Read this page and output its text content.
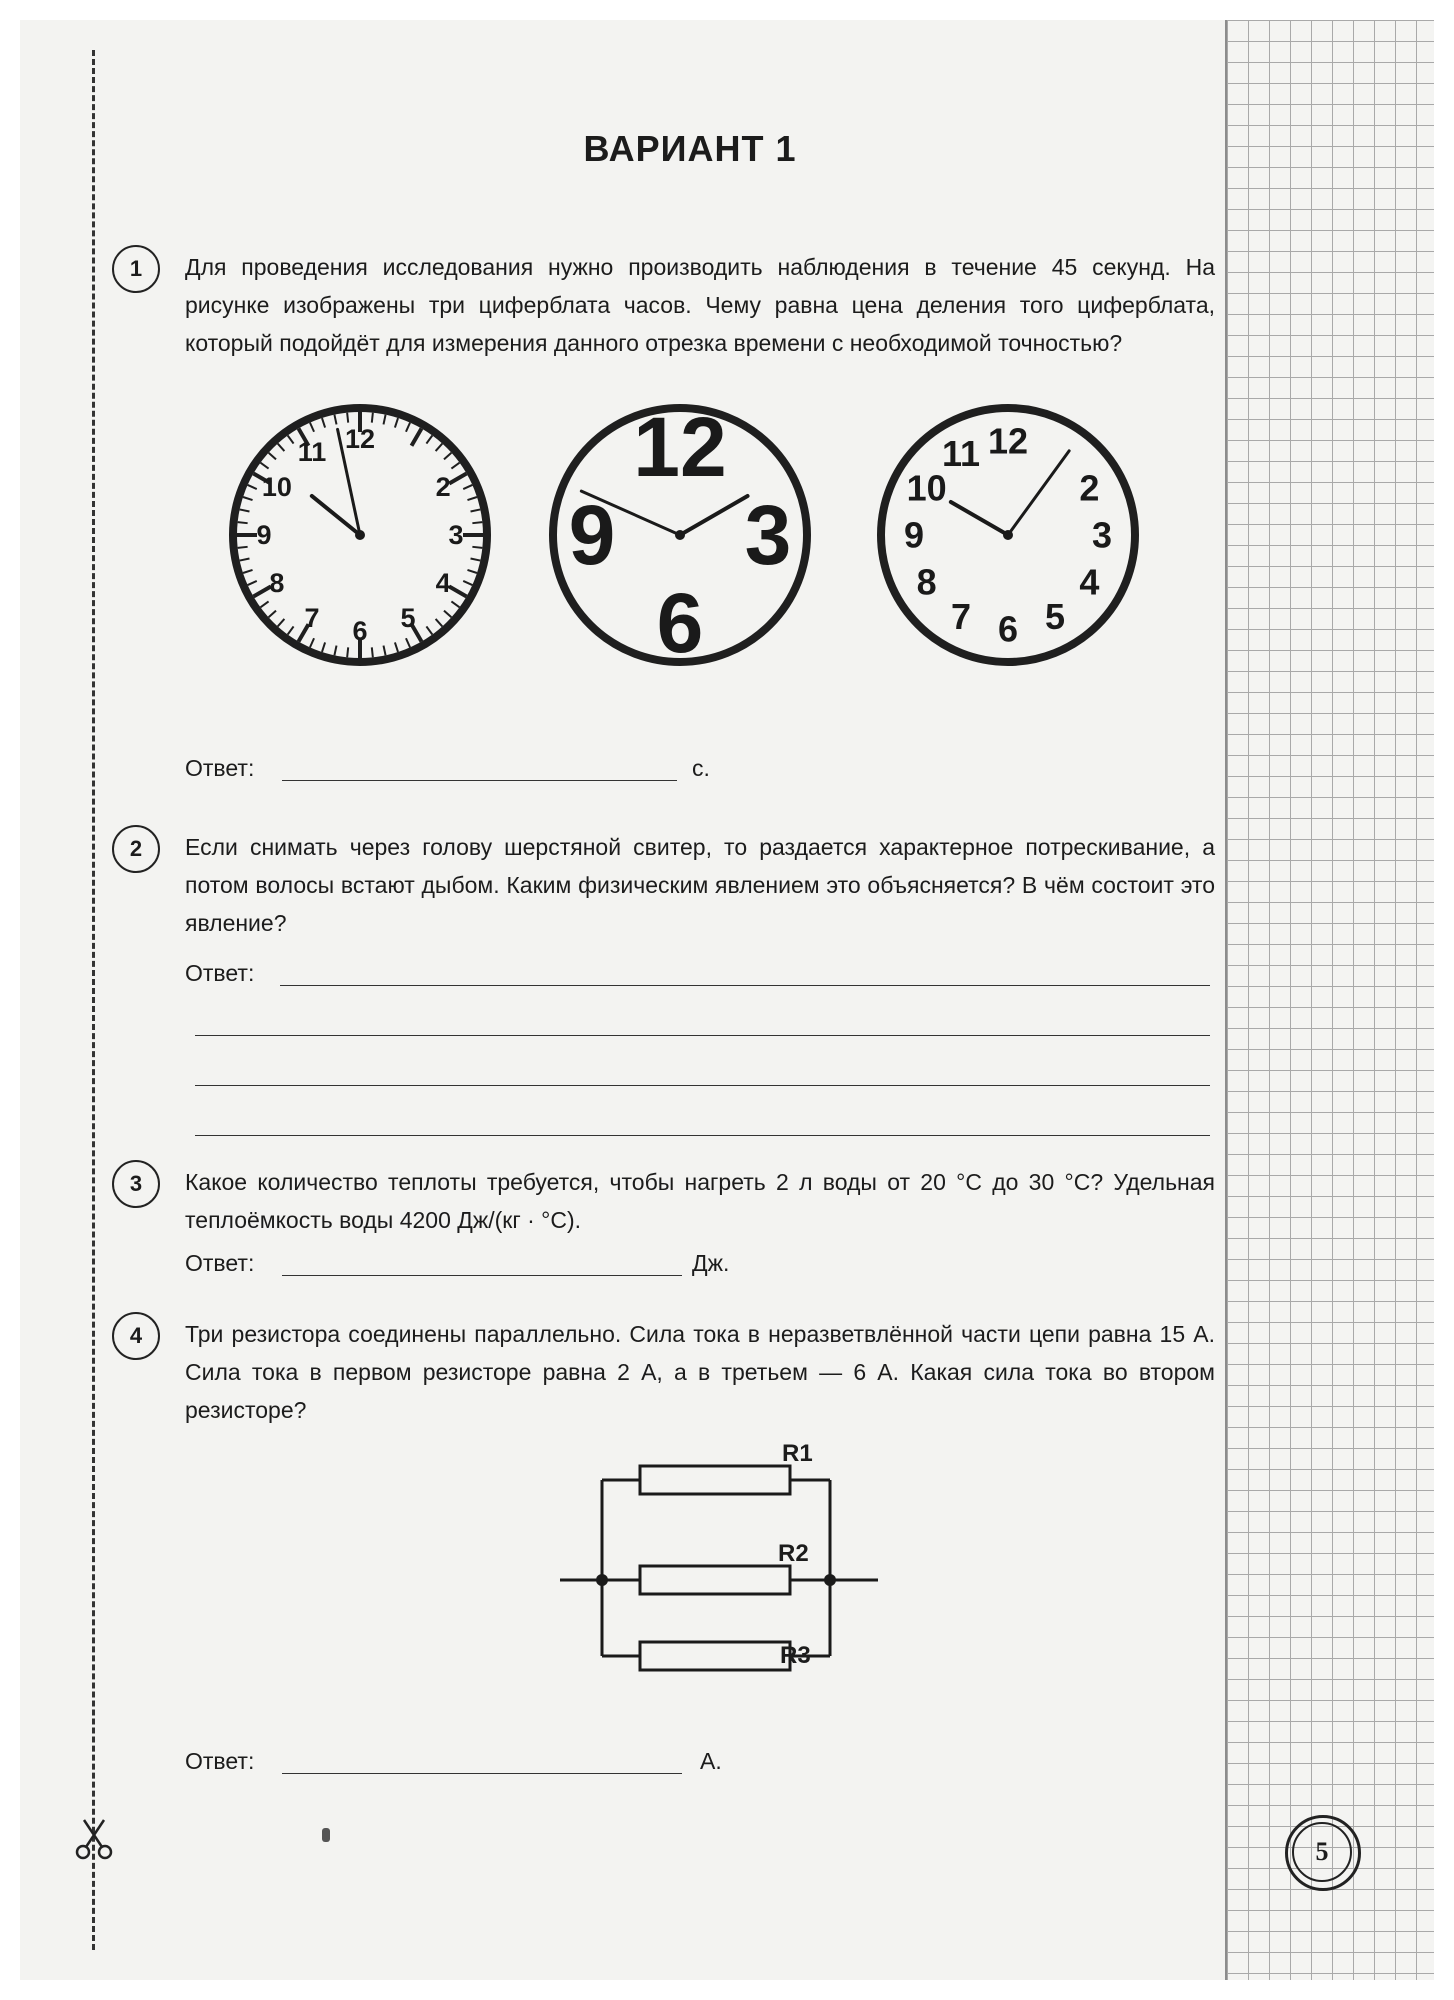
ВАРИАНТ 1
1	Для проведения исследования нужно производить наблюдения в течение 45 секунд. На рисунке изображены три циферблата часов. Чему равна цена деления того циферблата, который подойдёт для измерения данного отрезка времени с необходимой точностью?
12
2
3
4
5
6
7
8
9
10
11	12
3
6
9
12
2
3
4
5
6
7
8
9
10
11
Ответ:	с.
2	Если снимать через голову шерстяной свитер, то раздается характерное потрескивание, а потом волосы встают дыбом. Каким физическим явлением это объясняется? В чём состоит это явление?
Ответ:
3	Какое количество теплоты требуется, чтобы нагреть 2 л воды от 20 °С до 30 °С? Удельная теплоёмкость воды 4200 Дж/(кг · °С).
Ответ:	Дж.
4	Три резистора соединены параллельно. Сила тока в неразветвлённой части цепи равна 15 А. Сила тока в первом резисторе равна 2 А, а в третьем — 6 А. Какая сила тока во втором резисторе?
R1
R2
R3
Ответ:	А.
5
